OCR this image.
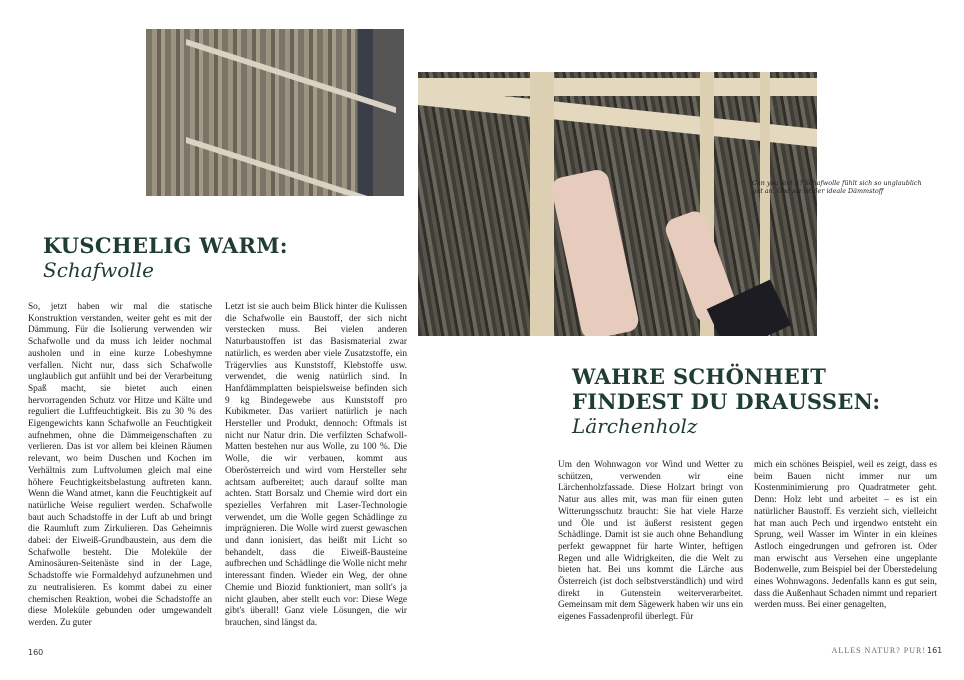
Can you feel it? Schafwolle fühlt sich so unglaublich gut an. Und sie ist der ideale Dämmstoff

KUSCHELIG WARM:

Schafwolle

So, jetzt haben wir mal die statische Konstruktion verstanden, weiter geht es mit der Dämmung. Für die Isolierung verwenden wir Schafwolle und da muss ich leider nochmal ausholen und in eine kurze Lobeshymne verfallen. Nicht nur, dass sich Schafwolle unglaublich gut anfühlt und bei der Verarbeitung Spaß macht, sie bietet auch einen hervorragenden Schutz vor Hitze und Kälte und reguliert die Luftfeuchtigkeit. Bis zu 30 % des Eigengewichts kann Schafwolle an Feuchtigkeit aufnehmen, ohne die Dämmeigenschaften zu verlieren. Das ist vor allem bei kleinen Räumen relevant, wo beim Duschen und Kochen im Verhältnis zum Luftvolumen gleich mal eine höhere Feuchtigkeitsbelastung auftreten kann. Wenn die Wand atmet, kann die Feuchtigkeit auf natürliche Weise reguliert werden. Schafwolle baut auch Schadstoffe in der Luft ab und bringt die Raumluft zum Zirkulieren. Das Geheimnis dabei: der Eiweiß-Grundbaustein, aus dem die Schafwolle besteht. Die Moleküle der Aminosäuren-Seitenäste sind in der Lage, Schadstoffe wie Formaldehyd aufzunehmen und zu neutralisieren. Es kommt dabei zu einer chemischen Reaktion, wobei die Schadstoffe an diese Moleküle gebunden oder umgewandelt werden. Zu guter

Letzt ist sie auch beim Blick hinter die Kulissen die Schafwolle ein Baustoff, der sich nicht verstecken muss. Bei vielen anderen Naturbaustoffen ist das Basismaterial zwar natürlich, es werden aber viele Zusatzstoffe, ein Trägervlies aus Kunststoff, Klebstoffe usw. verwendet, die wenig natürlich sind. In Hanfdämmplatten beispielsweise befinden sich 9 kg Bindegewebe aus Kunststoff pro Kubikmeter. Das variiert natürlich je nach Hersteller und Produkt, dennoch: Oftmals ist nicht nur Natur drin. Die verfilzten Schafwoll-Matten bestehen nur aus Wolle, zu 100 %. Die Wolle, die wir verbauen, kommt aus Oberösterreich und wird vom Hersteller sehr achtsam aufbereitet; auch darauf sollte man achten. Statt Borsalz und Chemie wird dort ein spezielles Verfahren mit Laser-Technologie verwendet, um die Wolle gegen Schädlinge zu imprägnieren. Die Wolle wird zuerst gewaschen und dann ionisiert, das heißt mit Licht so behandelt, dass die Eiweiß-Bausteine aufbrechen und Schädlinge die Wolle nicht mehr interessant finden. Wieder ein Weg, der ohne Chemie und Biozid funktioniert, man sollt's ja nicht glauben, aber stellt euch vor: Diese Wege gibt's überall! Ganz viele Lösungen, die wir brauchen, sind längst da.

WAHRE SCHÖNHEIT

FINDEST DU DRAUSSEN:

Lärchenholz

Um den Wohnwagon vor Wind und Wetter zu schützen, verwenden wir eine Lärchenholzfassade. Diese Holzart bringt von Natur aus alles mit, was man für einen guten Witterungsschutz braucht: Sie hat viele Harze und Öle und ist äußerst resistent gegen Schädlinge. Damit ist sie auch ohne Behandlung perfekt gewappnet für harte Winter, heftigen Regen und alle Widrigkeiten, die die Welt zu bieten hat. Bei uns kommt die Lärche aus Österreich (ist doch selbstverständlich) und wird direkt in Gutenstein weiterverarbeitet. Gemeinsam mit dem Sägewerk haben wir uns ein eigenes Fassadenprofil überlegt. Für

mich ein schönes Beispiel, weil es zeigt, dass es beim Bauen nicht immer nur um Kostenminimierung pro Quadratmeter geht. Denn: Holz lebt und arbeitet – es ist ein natürlicher Baustoff. Es verzieht sich, vielleicht hat man auch Pech und irgendwo entsteht ein Sprung, weil Wasser im Winter in ein kleines Astloch eingedrungen und gefroren ist. Oder man erwischt aus Versehen eine ungeplante Bodenwelle, zum Beispiel bei der Überstedelung eines Wohnwagons. Jedenfalls kann es gut sein, dass die Außenhaut Schaden nimmt und repariert werden muss. Bei einer genagelten,

160	ALLES NATUR? PUR! 161
